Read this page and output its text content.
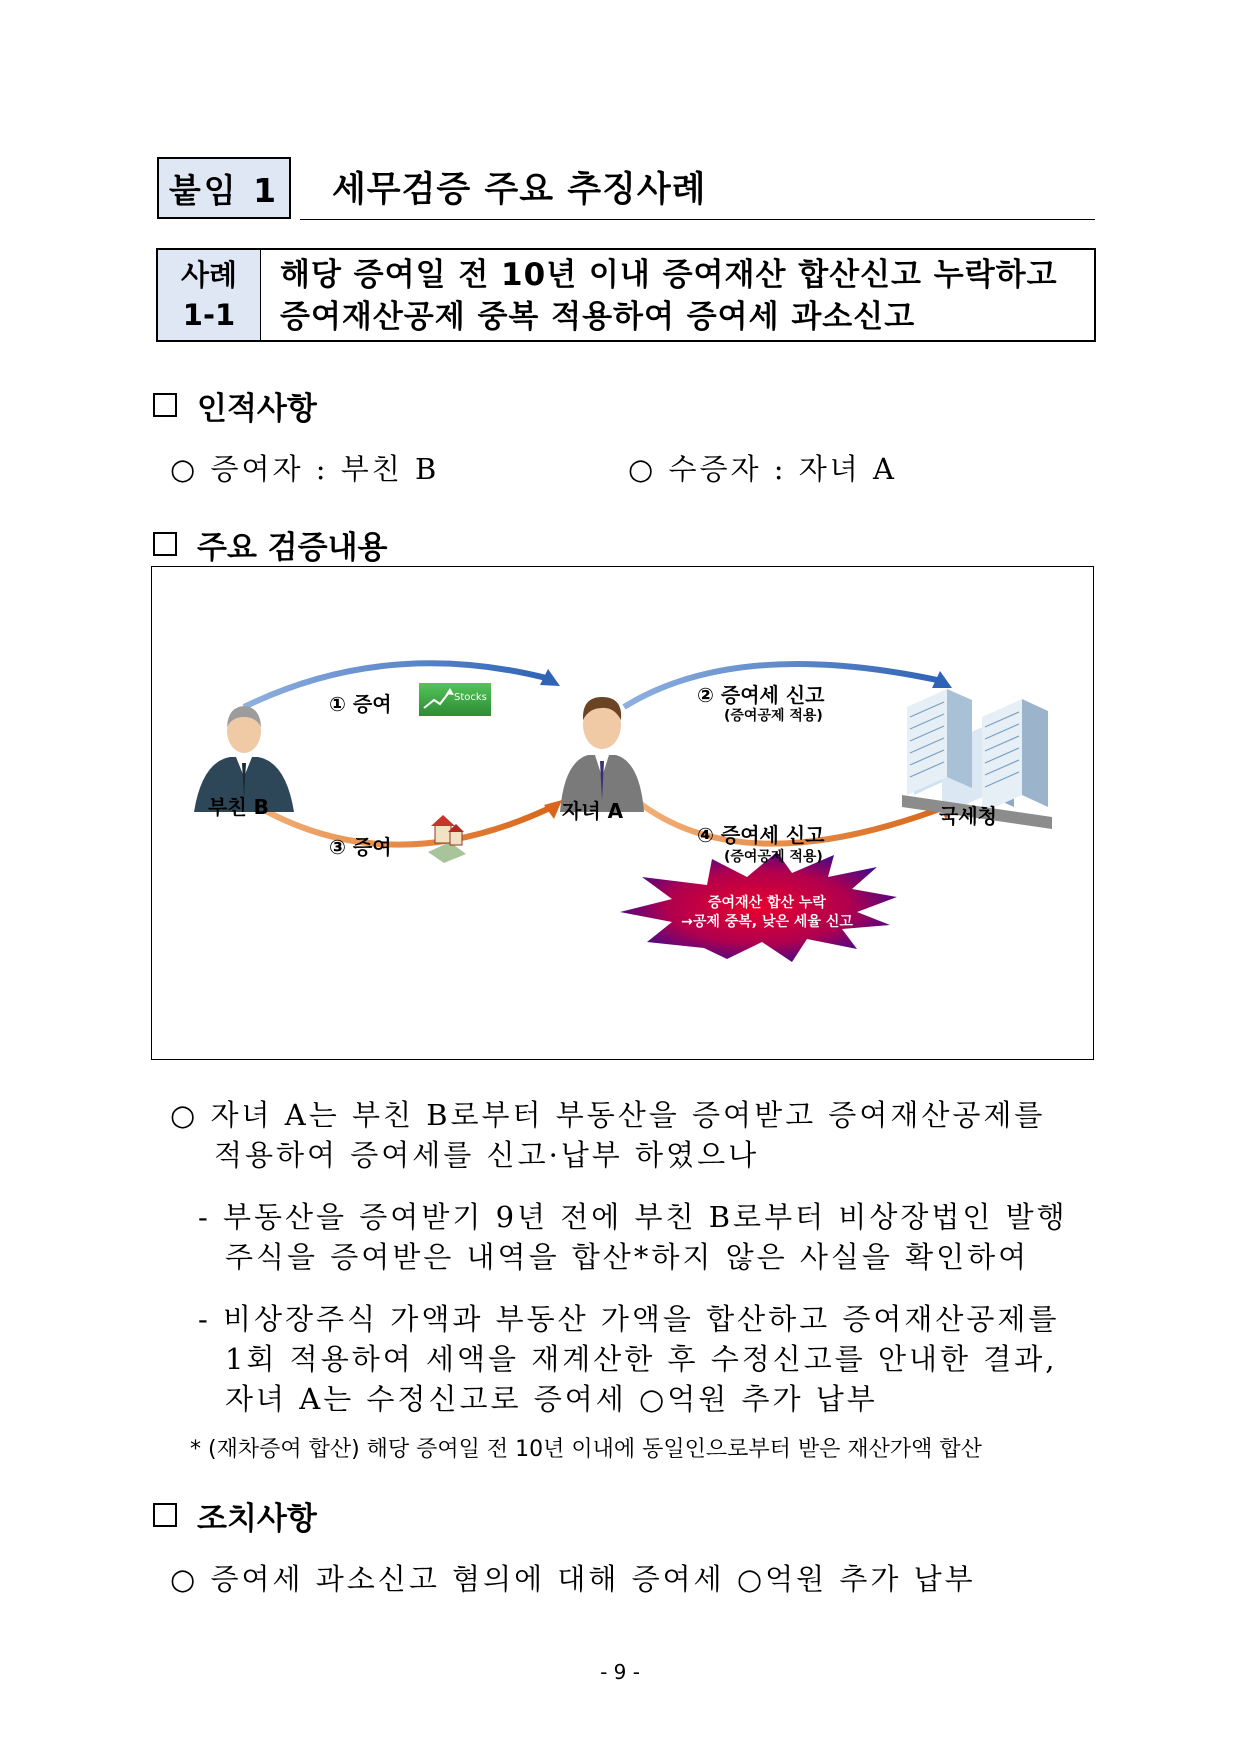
붙임 1 세무검증 주요 추징사례
사례
1-1
해당 증여일 전 10년 이내 증여재산 합산신고 누락하고
증여재산공제 중복 적용하여 증여세 과소신고
인적사항
○ 증여자 : 부친 B	○ 수증자 : 자녀 A
주요 검증내용
① 증여	Stocks	② 증여세 신고
(증여공제 적용)
③ 증여	④ 증여세 신고
(증여공제 적용)
부친 B	자녀 A	국세청
증여재산 합산 누락
→공제 중복, 낮은 세율 신고
○ 자녀 A는 부친 B로부터 부동산을 증여받고 증여재산공제를
적용하여 증여세를 신고·납부 하였으나
- 부동산을 증여받기 9년 전에 부친 B로부터 비상장법인 발행
주식을 증여받은 내역을 합산*하지 않은 사실을 확인하여
- 비상장주식 가액과 부동산 가액을 합산하고 증여재산공제를
1회 적용하여 세액을 재계산한 후 수정신고를 안내한 결과,
자녀 A는 수정신고로 증여세 ○억원 추가 납부
* (재차증여 합산) 해당 증여일 전 10년 이내에 동일인으로부터 받은 재산가액 합산
조치사항
○ 증여세 과소신고 혐의에 대해 증여세 ○억원 추가 납부
- 9 -
